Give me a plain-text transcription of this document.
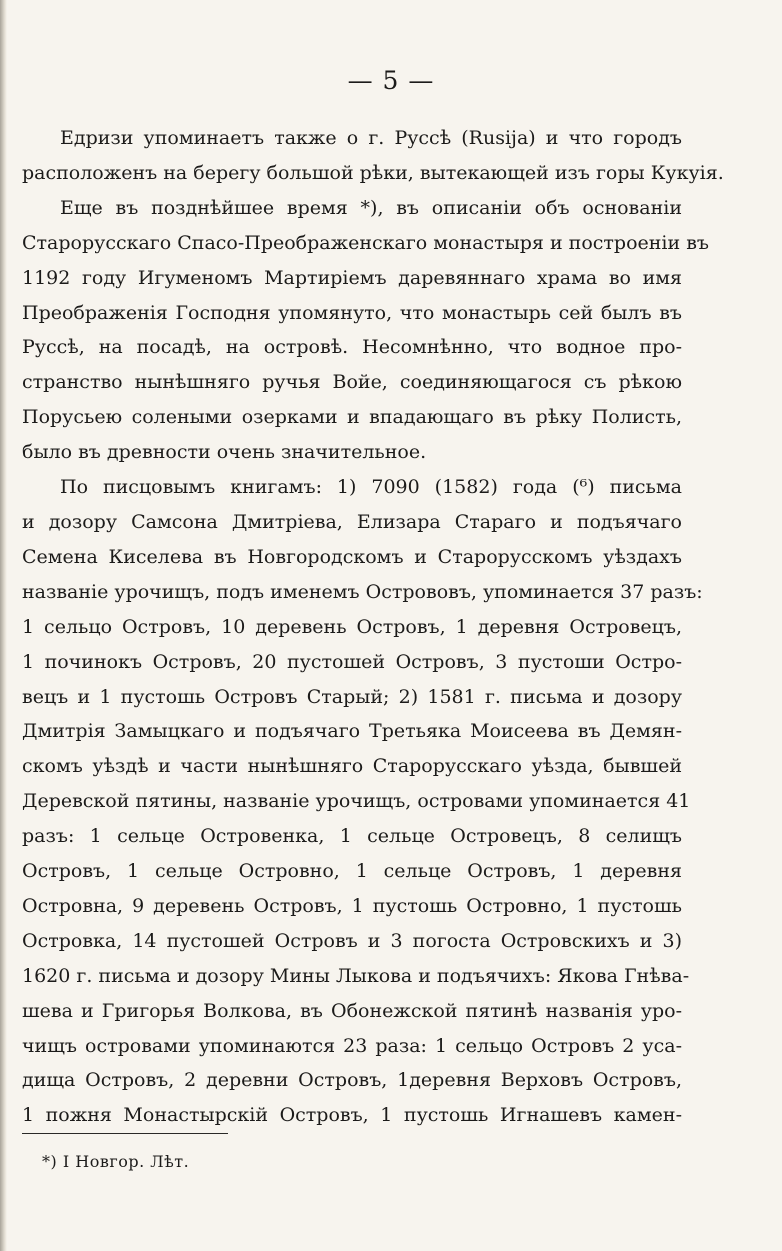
— 5 —
Едризи упоминаетъ также о г. Руссѣ (Rusija) и что городъ
расположенъ на берегу большой рѣки, вытекающей изъ горы Кукуія.
Еще въ позднѣйшее время *), въ описаніи объ основаніи
Старорусскаго Спасо-Преображенскаго монастыря и построеніи въ
1192 году Игуменомъ Мартиріемъ даревяннаго храма во имя
Преображенія Господня упомянуто, что монастырь сей былъ въ
Руссѣ, на посадѣ, на островѣ. Несомнѣнно, что водное про-
странство нынѣшняго ручья Войе, соединяющагося съ рѣкою
Порусьею солеными озерками и впадающаго въ рѣку Полисть,
было въ древности очень значительное.
По писцовымъ книгамъ: 1) 7090 (1582) года (⁶) письма
и дозору Самсона Дмитріева, Елизара Стараго и подъячаго
Семена Киселева въ Новгородскомъ и Старорусскомъ уѣздахъ
названіе урочищъ, подъ именемъ Острововъ, упоминается 37 разъ:
1 сельцо Островъ, 10 деревень Островъ, 1 деревня Островецъ,
1 починокъ Островъ, 20 пустошей Островъ, 3 пустоши Остро-
вецъ и 1 пустошь Островъ Старый; 2) 1581 г. письма и дозору
Дмитрія Замыцкаго и подъячаго Третьяка Моисеева въ Демян-
скомъ уѣздѣ и части нынѣшняго Старорусскаго уѣзда, бывшей
Деревской пятины, названіе урочищъ, островами упоминается 41
разъ: 1 сельце Островенка, 1 сельце Островецъ, 8 селищъ
Островъ, 1 сельце Островно, 1 сельце Островъ, 1 деревня
Островна, 9 деревень Островъ, 1 пустошь Островно, 1 пустошь
Островка, 14 пустошей Островъ и 3 погоста Островскихъ и 3)
1620 г. письма и дозору Мины Лыкова и подъячихъ: Якова Гнѣва-
шева и Григорья Волкова, въ Обонежской пятинѣ названія уро-
чищъ островами упоминаются 23 раза: 1 сельцо Островъ 2 уса-
дища Островъ, 2 деревни Островъ, 1деревня Верховъ Островъ,
1 пожня Монастырскій Островъ, 1 пустошь Игнашевъ камен-
*) I Новгор. Лѣт.
